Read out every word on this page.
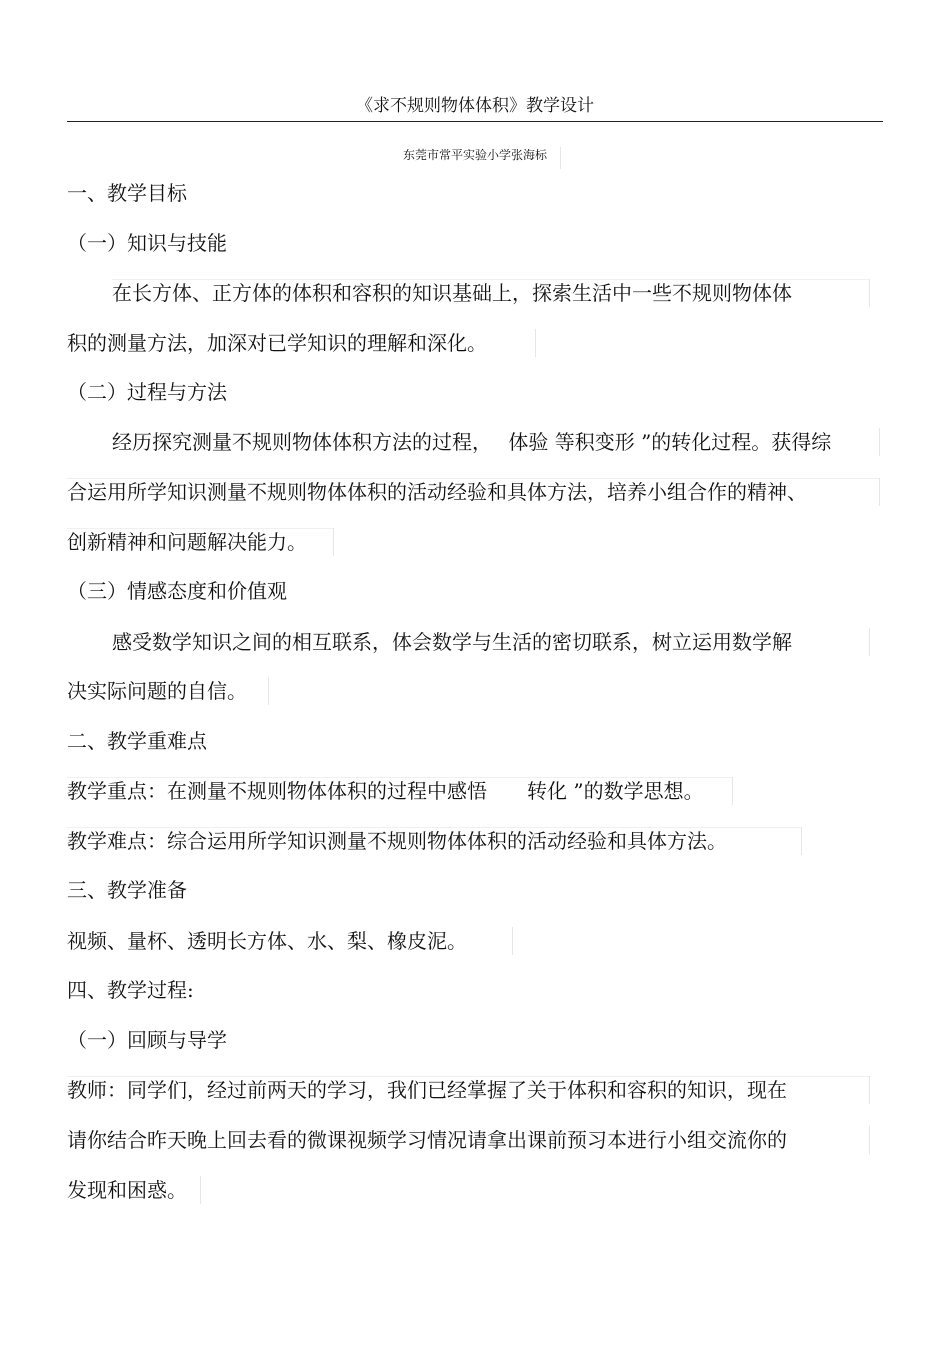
《求不规则物体体积》教学设计
东莞市常平实验小学张海标
一、教学目标
（一）知识与技能
在长方体、正方体的体积和容积的知识基础上，探索生活中一些不规则物体体
积的测量方法，加深对已学知识的理解和深化。
（二）过程与方法
经历探究测量不规则物体体积方法的过程，　 体验 等积变形 ”的转化过程。获得综
合运用所学知识测量不规则物体体积的活动经验和具体方法，培养小组合作的精神、
创新精神和问题解决能力。
（三）情感态度和价值观
感受数学知识之间的相互联系，体会数学与生活的密切联系，树立运用数学解
决实际问题的自信。
二、教学重难点
教学重点：在测量不规则物体体积的过程中感悟　　转化 ”的数学思想。
教学难点：综合运用所学知识测量不规则物体体积的活动经验和具体方法。
三、教学准备
视频、量杯、透明长方体、水、梨、橡皮泥。
四、教学过程:
（一）回顾与导学
教师：同学们，经过前两天的学习，我们已经掌握了关于体积和容积的知识，现在
请你结合昨天晚上回去看的微课视频学习情况请拿出课前预习本进行小组交流你的
发现和困惑。
